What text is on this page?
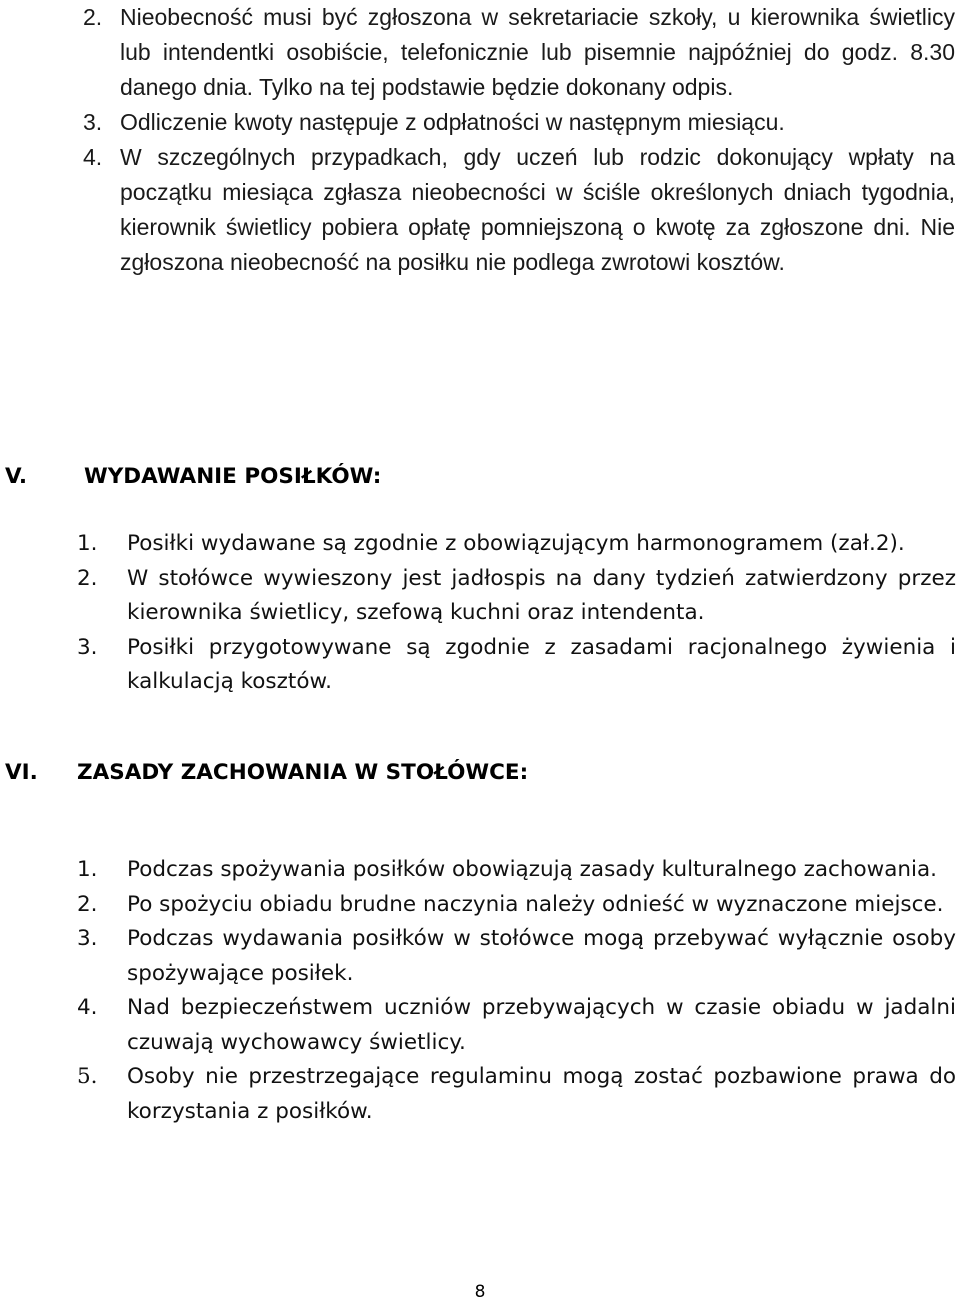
2. Nieobecność musi być zgłoszona w sekretariacie szkoły, u kierownika świetlicy lub intendentki osobiście, telefonicznie lub pisemnie najpóźniej do godz. 8.30 danego dnia. Tylko na tej podstawie będzie dokonany odpis.
3. Odliczenie kwoty następuje z odpłatności w następnym miesiącu.
4. W szczególnych przypadkach, gdy uczeń lub rodzic dokonujący wpłaty na początku miesiąca zgłasza nieobecności w ściśle określonych dniach tygodnia, kierownik świetlicy pobiera opłatę pomniejszoną o kwotę za zgłoszone dni. Nie zgłoszona nieobecność na posiłku nie podlega zwrotowi kosztów.
V.	WYDAWANIE POSIŁKÓW:
1. Posiłki wydawane są zgodnie z obowiązującym harmonogramem (zał.2).
2. W stołówce wywieszony jest jadłospis na dany tydzień zatwierdzony przez kierownika świetlicy, szefową kuchni oraz intendenta.
3. Posiłki przygotowywane są zgodnie z zasadami racjonalnego żywienia i kalkulacją kosztów.
VI. ZASADY ZACHOWANIA W STOŁÓWCE:
1. Podczas spożywania posiłków obowiązują zasady kulturalnego zachowania.
2. Po spożyciu obiadu brudne naczynia należy odnieść w wyznaczone miejsce.
3. Podczas wydawania posiłków w stołówce mogą przebywać wyłącznie osoby spożywające posiłek.
4. Nad bezpieczeństwem uczniów przebywających w czasie obiadu w jadalni czuwają wychowawcy świetlicy.
5. Osoby nie przestrzegające regulaminu mogą zostać pozbawione prawa do korzystania z posiłków.
8
